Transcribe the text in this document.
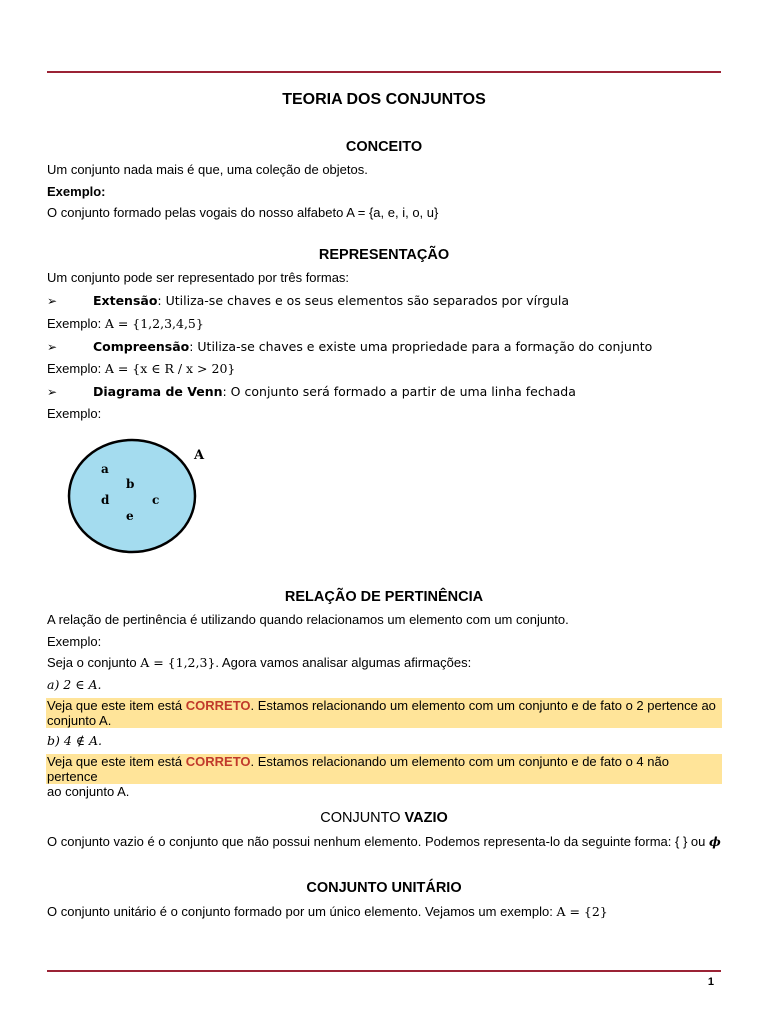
TEORIA DOS CONJUNTOS
CONCEITO
Um conjunto nada mais é que, uma coleção de objetos.
Exemplo:
O conjunto formado pelas vogais do nosso alfabeto A = {a, e, i, o, u}
REPRESENTAÇÃO
Um conjunto pode ser representado por três formas:
➢	Extensão: Utiliza-se chaves e os seus elementos são separados por vírgula
Exemplo: A = {1,2,3,4,5}
➢	Compreensão: Utiliza-se chaves e existe uma propriedade para a formação do conjunto
Exemplo: A = {x ∈ R / x > 20}
➢	Diagrama de Venn: O conjunto será formado a partir de uma linha fechada
Exemplo:
A
a
b
d	c
e
RELAÇÃO DE PERTINÊNCIA
A relação de pertinência é utilizando quando relacionamos um elemento com um conjunto.
Exemplo:
Seja o conjunto A = {1,2,3}. Agora vamos analisar algumas afirmações:
a) 2 ∈ A.
Veja que este item está CORRETO. Estamos relacionando um elemento com um conjunto e de fato o 2 pertence ao
conjunto A.
b) 4 ∉ A.
Veja que este item está CORRETO. Estamos relacionando um elemento com um conjunto e de fato o 4 não pertence
ao conjunto A.
CONJUNTO VAZIO
O conjunto vazio é o conjunto que não possui nenhum elemento. Podemos representa-lo da seguinte forma: { } ou ϕ
CONJUNTO UNITÁRIO
O conjunto unitário é o conjunto formado por um único elemento. Vejamos um exemplo: A = {2}
1
